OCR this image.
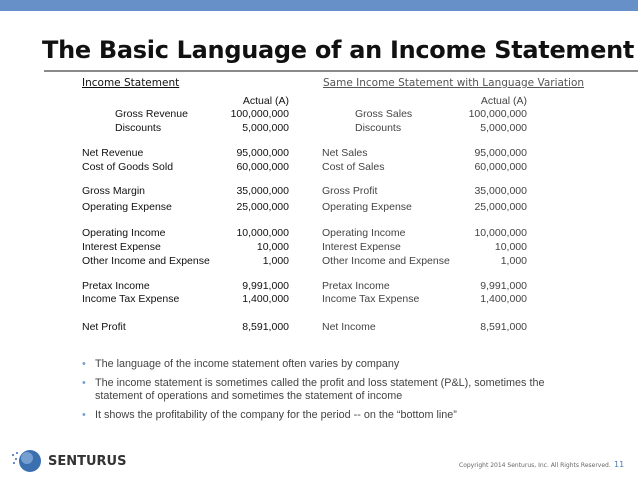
The Basic Language of an Income Statement
Income Statement	Same Income Statement with Language Variation
Actual (A)	Actual (A)
Gross Revenue	100,000,000	Gross Sales	100,000,000
Discounts	5,000,000	Discounts	5,000,000
Net Revenue	95,000,000	Net Sales	95,000,000
Cost of Goods Sold	60,000,000	Cost of Sales	60,000,000
Gross Margin	35,000,000	Gross Profit	35,000,000
Operating Expense	25,000,000	Operating Expense	25,000,000
Operating Income	10,000,000	Operating Income	10,000,000
Interest Expense	10,000	Interest Expense	10,000
Other Income and Expense	1,000	Other Income and Expense	1,000
Pretax Income	9,991,000	Pretax Income	9,991,000
Income Tax Expense	1,400,000	Income Tax Expense	1,400,000
Net Profit	8,591,000	Net Income	8,591,000
• The language of the income statement often varies by company
• The income statement is sometimes called the profit and loss statement (P&L), sometimes the statement of operations and sometimes the statement of income
• It shows the profitability of the company for the period -- on the “bottom line”
SENTURUS	Copyright 2014 Senturus, Inc. All Rights Reserved. 11
